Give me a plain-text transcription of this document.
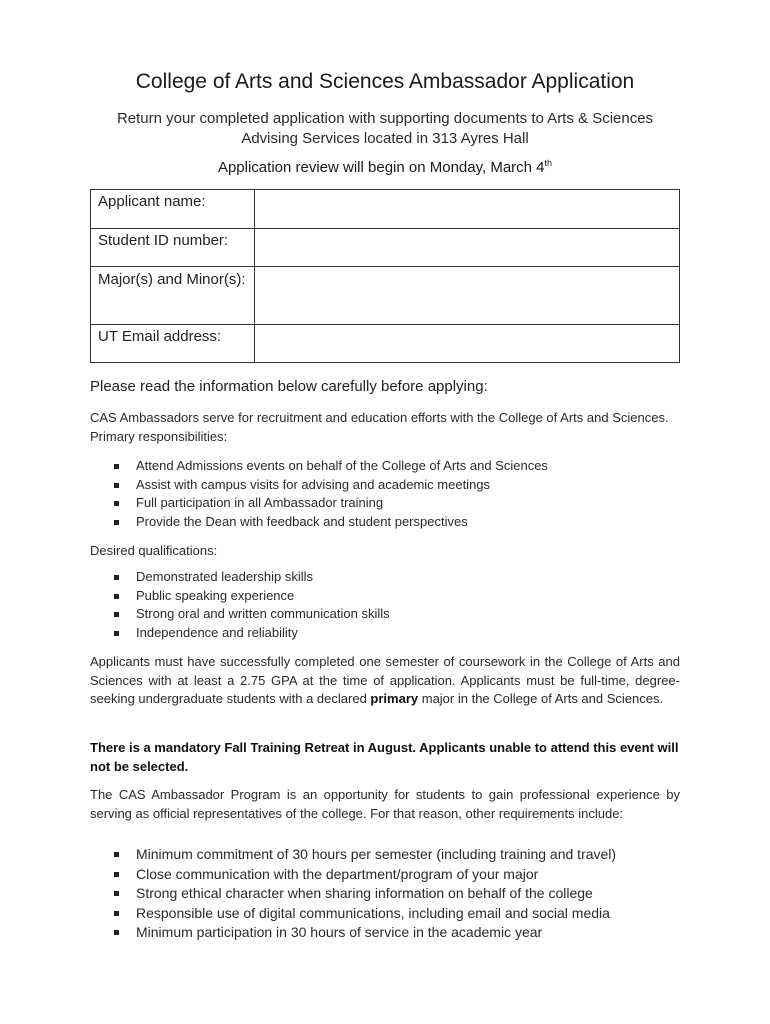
College of Arts and Sciences Ambassador Application
Return your completed application with supporting documents to Arts & Sciences Advising Services located in 313 Ayres Hall
Application review will begin on Monday, March 4th
Applicant name:	
Student ID number:	
Major(s) and Minor(s):	
UT Email address:	
Please read the information below carefully before applying:
CAS Ambassadors serve for recruitment and education efforts with the College of Arts and Sciences. Primary responsibilities:
Attend Admissions events on behalf of the College of Arts and Sciences
Assist with campus visits for advising and academic meetings
Full participation in all Ambassador training
Provide the Dean with feedback and student perspectives
Desired qualifications:
Demonstrated leadership skills
Public speaking experience
Strong oral and written communication skills
Independence and reliability
Applicants must have successfully completed one semester of coursework in the College of Arts and Sciences with at least a 2.75 GPA at the time of application. Applicants must be full-time, degree-seeking undergraduate students with a declared primary major in the College of Arts and Sciences.
There is a mandatory Fall Training Retreat in August. Applicants unable to attend this event will not be selected.
The CAS Ambassador Program is an opportunity for students to gain professional experience by serving as official representatives of the college. For that reason, other requirements include:
Minimum commitment of 30 hours per semester (including training and travel)
Close communication with the department/program of your major
Strong ethical character when sharing information on behalf of the college
Responsible use of digital communications, including email and social media
Minimum participation in 30 hours of service in the academic year
